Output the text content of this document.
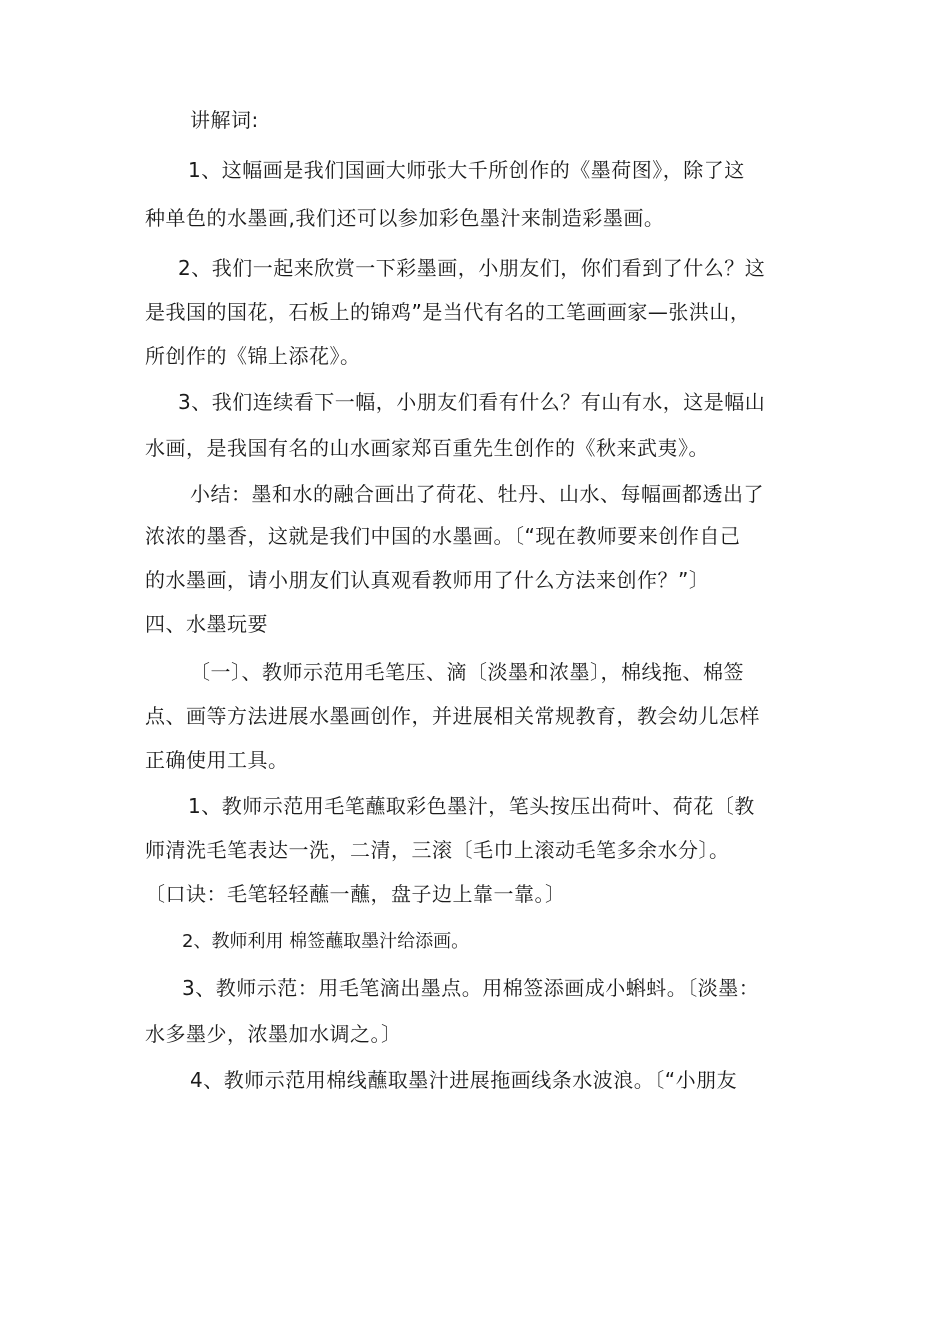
讲解词:
1、这幅画是我们国画大师张大千所创作的《墨荷图》，除了这
种单色的水墨画,我们还可以参加彩色墨汁来制造彩墨画。
2、我们一起来欣赏一下彩墨画，小朋友们，你们看到了什么？这
是我国的国花，石板上的锦鸡”是当代有名的工笔画画家—张洪山，
所创作的《锦上添花》。
3、我们连续看下一幅，小朋友们看有什么？有山有水，这是幅山
水画，是我国有名的山水画家郑百重先生创作的《秋来武夷》。
小结：墨和水的融合画出了荷花、牡丹、山水、每幅画都透出了
浓浓的墨香，这就是我们中国的水墨画。〔“现在教师要来创作自己
的水墨画，请小朋友们认真观看教师用了什么方法来创作？”〕
四、水墨玩要
〔一〕、教师示范用毛笔压、滴〔淡墨和浓墨〕，棉线拖、棉签
点、画等方法进展水墨画创作，并进展相关常规教育，教会幼儿怎样
正确使用工具。
1、教师示范用毛笔蘸取彩色墨汁，笔头按压出荷叶、荷花〔教
师清洗毛笔表达一洗，二清，三滚〔毛巾上滚动毛笔多余水分〕。
〔口诀：毛笔轻轻蘸一蘸，盘子边上靠一靠。〕
2、教师利用 棉签蘸取墨汁给添画。
3、教师示范：用毛笔滴出墨点。用棉签添画成小蝌蚪。〔淡墨：
水多墨少，浓墨加水调之。〕
4、教师示范用棉线蘸取墨汁进展拖画线条水波浪。〔“小朋友
